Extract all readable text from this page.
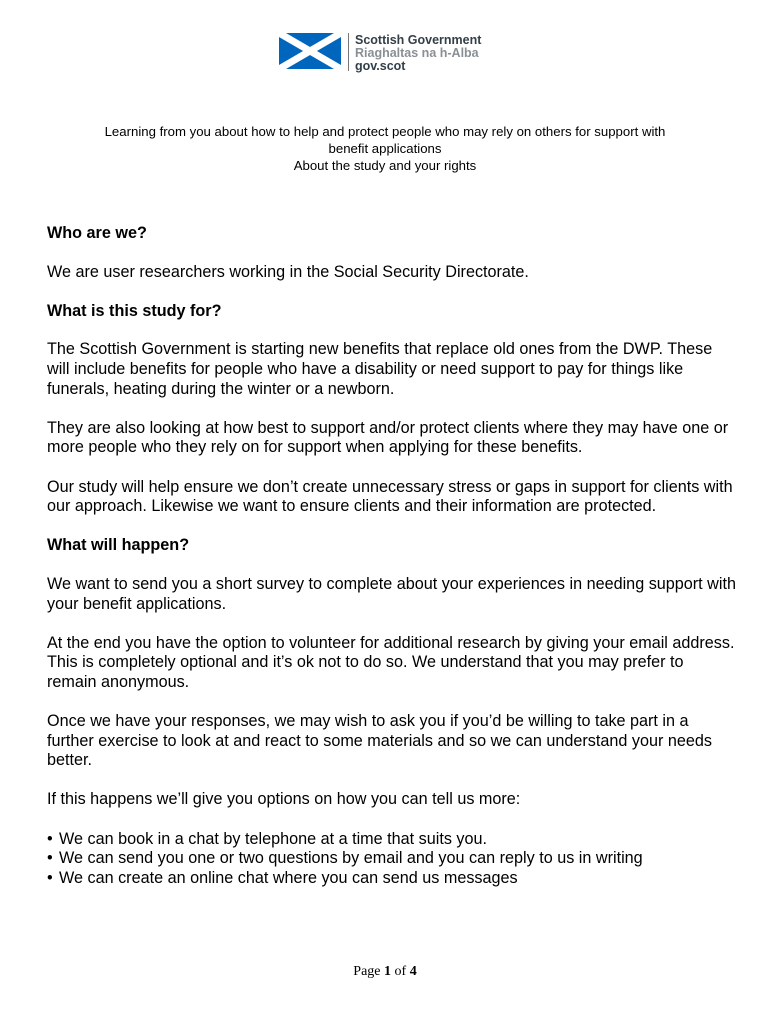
Scottish Government
Riaghaltas na h-Alba
gov.scot
Learning from you about how to help and protect people who may rely on others for support with
benefit applications
About the study and your rights
Who are we?

We are user researchers working in the Social Security Directorate.

What is this study for?

The Scottish Government is starting new benefits that replace old ones from the DWP. These will include benefits for people who have a disability or need support to pay for things like funerals, heating during the winter or a newborn.

They are also looking at how best to support and/or protect clients where they may have one or more people who they rely on for support when applying for these benefits.

Our study will help ensure we don’t create unnecessary stress or gaps in support for clients with our approach. Likewise we want to ensure clients and their information are protected.

What will happen?

We want to send you a short survey to complete about your experiences in needing support with your benefit applications.

At the end you have the option to volunteer for additional research by giving your email address. This is completely optional and it’s ok not to do so. We understand that you may prefer to remain anonymous.

Once we have your responses, we may wish to ask you if you’d be willing to take part in a further exercise to look at and react to some materials and so we can understand your needs better.

If this happens we’ll give you options on how you can tell us more:

• We can book in a chat by telephone at a time that suits you.
• We can send you one or two questions by email and you can reply to us in writing
• We can create an online chat where you can send us messages
Page 1 of 4
